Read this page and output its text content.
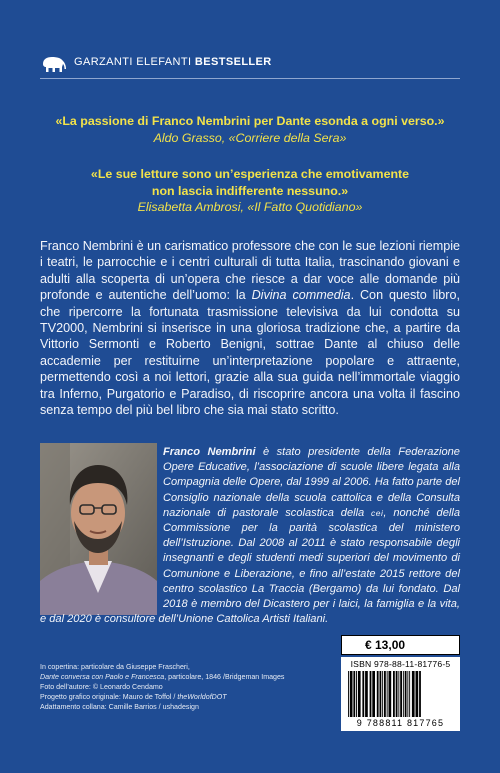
GARZANTI ELEFANTI BESTSELLER
«La passione di Franco Nembrini per Dante esonda a ogni verso.»
Aldo Grasso, «Corriere della Sera»
«Le sue letture sono un’esperienza che emotivamente
non lascia indifferente nessuno.»
Elisabetta Ambrosi, «Il Fatto Quotidiano»
Franco Nembrini è un carismatico professore che con le sue lezioni riempie i teatri, le parrocchie e i centri culturali di tutta Italia, trascinando giovani e adulti alla scoperta di un’opera che riesce a dar voce alle domande più profonde e autentiche dell’uomo: la Divina commedia. Con questo libro, che ripercorre la fortunata trasmissione televisiva da lui condotta su TV2000, Nembrini si inserisce in una gloriosa tradizione che, a partire da Vittorio Sermonti e Roberto Benigni, sottrae Dante al chiuso delle accademie per restituirne un’interpretazione popolare e attraente, permettendo così a noi lettori, grazie alla sua guida nell’immortale viaggio tra Inferno, Purgatorio e Paradiso, di riscoprire ancora una volta il fascino senza tempo del più bel libro che sia mai stato scritto.
Franco Nembrini è stato presidente della Federazione Opere Educative, l’associazione di scuole libere legata alla Compagnia delle Opere, dal 1999 al 2006. Ha fatto parte del Consiglio nazionale della scuola cattolica e della Consulta nazionale di pastorale scolastica della cei, nonché della Commissione per la parità scolastica del ministero dell’Istruzione. Dal 2008 al 2011 è stato responsabile degli insegnanti e degli studenti medi superiori del movimento di Comunione e Liberazione, e fino all’estate 2015 rettore del centro scolastico La Traccia (Bergamo) da lui fondato. Dal 2018 è membro del Dicastero per i laici, la famiglia e la vita, e dal 2020 è consultore dell’Unione Cattolica Artisti Italiani.
In copertina: particolare da Giuseppe Frascheri,
Dante conversa con Paolo e Francesca, particolare, 1846 /Bridgeman Images
Foto dell’autore: © Leonardo Cendamo
Progetto grafico originale: Mauro de Toffol / theWorldofDOT
Adattamento collana: Camille Barrios / ushadesign
€ 13,00
ISBN 978-88-11-81776-5
9 788811 817765
